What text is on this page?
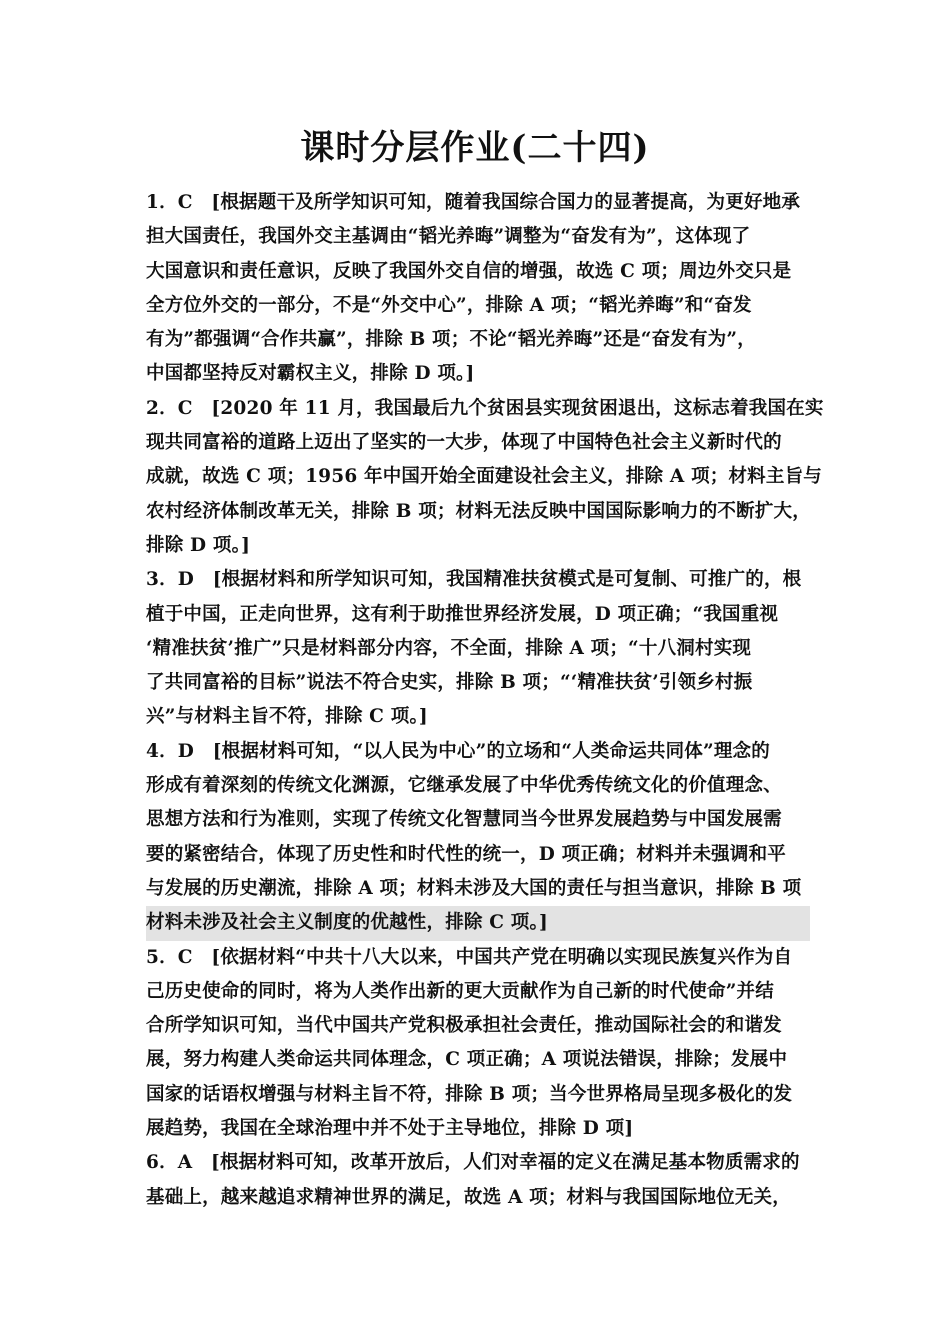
课时分层作业(二十四)
1．C　[根据题干及所学知识可知，随着我国综合国力的显著提高，为更好地承
担大国责任，我国外交主基调由“韬光养晦”调整为“奋发有为”，这体现了
大国意识和责任意识，反映了我国外交自信的增强，故选 C 项；周边外交只是
全方位外交的一部分，不是“外交中心”，排除 A 项；“韬光养晦”和“奋发
有为”都强调“合作共赢”，排除 B 项；不论“韬光养晦”还是“奋发有为”，
中国都坚持反对霸权主义，排除 D 项。]
2．C　[2020 年 11 月，我国最后九个贫困县实现贫困退出，这标志着我国在实
现共同富裕的道路上迈出了坚实的一大步，体现了中国特色社会主义新时代的
成就，故选 C 项；1956 年中国开始全面建设社会主义，排除 A 项；材料主旨与
农村经济体制改革无关，排除 B 项；材料无法反映中国国际影响力的不断扩大，
排除 D 项。]
3．D　[根据材料和所学知识可知，我国精准扶贫模式是可复制、可推广的，根
植于中国，正走向世界，这有利于助推世界经济发展，D 项正确；“我国重视
‘精准扶贫’推广”只是材料部分内容，不全面，排除 A 项；“十八洞村实现
了共同富裕的目标”说法不符合史实，排除 B 项；“‘精准扶贫’引领乡村振
兴”与材料主旨不符，排除 C 项。]
4．D　[根据材料可知，“以人民为中心”的立场和“人类命运共同体”理念的
形成有着深刻的传统文化渊源，它继承发展了中华优秀传统文化的价值理念、
思想方法和行为准则，实现了传统文化智慧同当今世界发展趋势与中国发展需
要的紧密结合，体现了历史性和时代性的统一，D 项正确；材料并未强调和平
与发展的历史潮流，排除 A 项；材料未涉及大国的责任与担当意识，排除 B 项
材料未涉及社会主义制度的优越性，排除 C 项。]
5．C　[依据材料“中共十八大以来，中国共产党在明确以实现民族复兴作为自
己历史使命的同时，将为人类作出新的更大贡献作为自己新的时代使命”并结
合所学知识可知，当代中国共产党积极承担社会责任，推动国际社会的和谐发
展，努力构建人类命运共同体理念，C 项正确；A 项说法错误，排除；发展中
国家的话语权增强与材料主旨不符，排除 B 项；当今世界格局呈现多极化的发
展趋势，我国在全球治理中并不处于主导地位，排除 D 项]
6．A　[根据材料可知，改革开放后，人们对幸福的定义在满足基本物质需求的
基础上，越来越追求精神世界的满足，故选 A 项；材料与我国国际地位无关，
